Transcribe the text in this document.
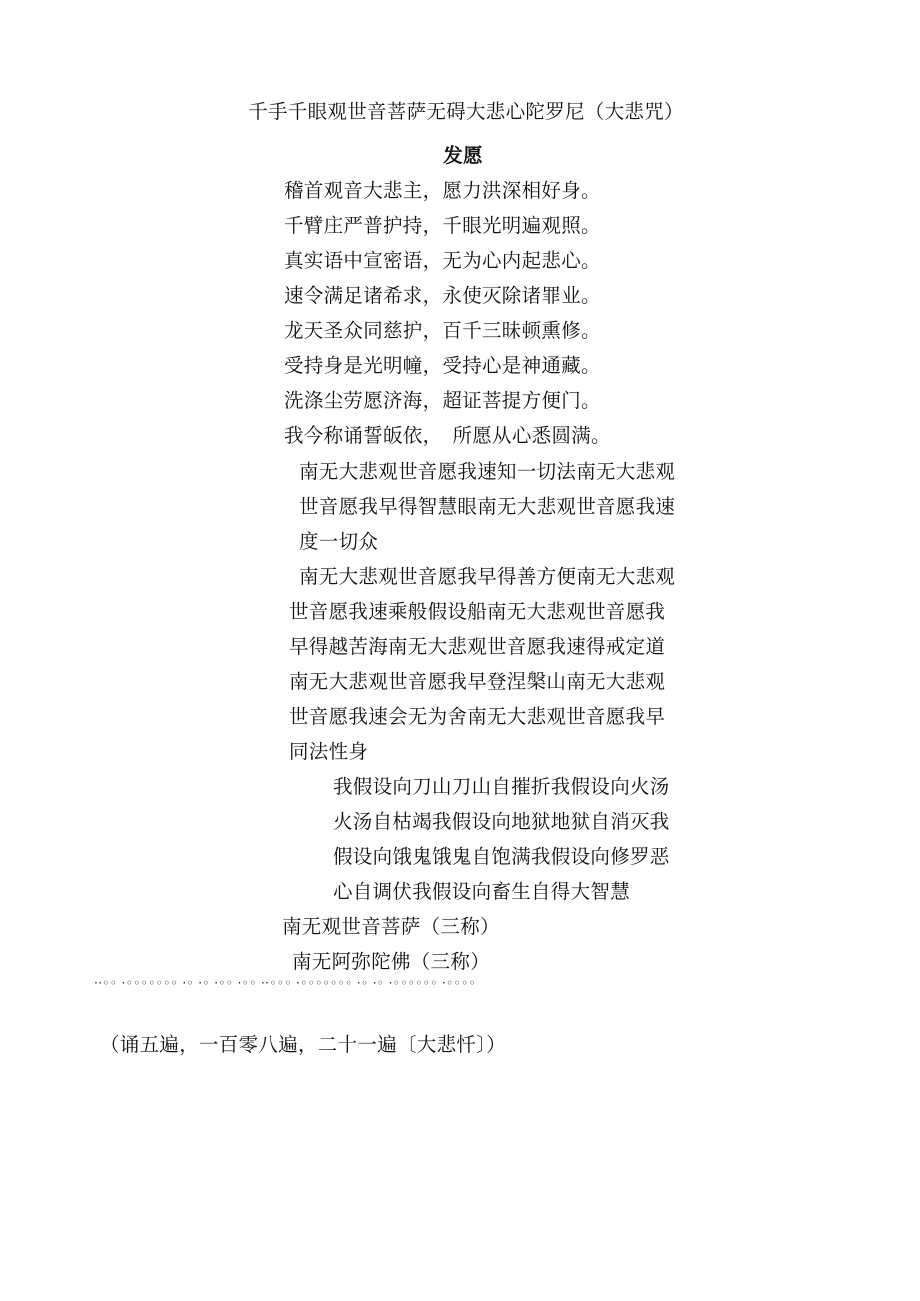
千手千眼观世音菩萨无碍大悲心陀罗尼（大悲咒）
发愿
稽首观音大悲主，愿力洪深相好身。
千臂庄严普护持，千眼光明遍观照。
真实语中宣密语，无为心内起悲心。
速令满足诸希求，永使灭除诸罪业。
龙天圣众同慈护，百千三昧顿熏修。
受持身是光明幢，受持心是神通藏。
洗涤尘劳愿济海，超证菩提方便门。
我今称诵誓皈依，　所愿从心悉圆满。
南无大悲观世音愿我速知一切法南无大悲观
世音愿我早得智慧眼南无大悲观世音愿我速
度一切众
南无大悲观世音愿我早得善方便南无大悲观
世音愿我速乘般假设船南无大悲观世音愿我
早得越苦海南无大悲观世音愿我速得戒定道
南无大悲观世音愿我早登涅槃山南无大悲观
世音愿我速会无为舍南无大悲观世音愿我早
同法性身
我假设向刀山刀山自摧折我假设向火汤
火汤自枯竭我假设向地狱地狱自消灭我
假设向饿鬼饿鬼自饱满我假设向修罗恶
心自调伏我假设向畜生自得大智慧
南无观世音菩萨（三称）
南无阿弥陀佛（三称）
··◦◦ ·◦◦◦◦◦◦◦ ·◦ ·◦ ·◦◦ ·◦◦ ··◦◦◦ ·◦◦◦◦◦◦◦ ·◦ ·◦ ·◦◦◦◦◦◦ ·◦◦◦◦
（诵五遍，一百零八遍，二十一遍〔大悲忏〕）
